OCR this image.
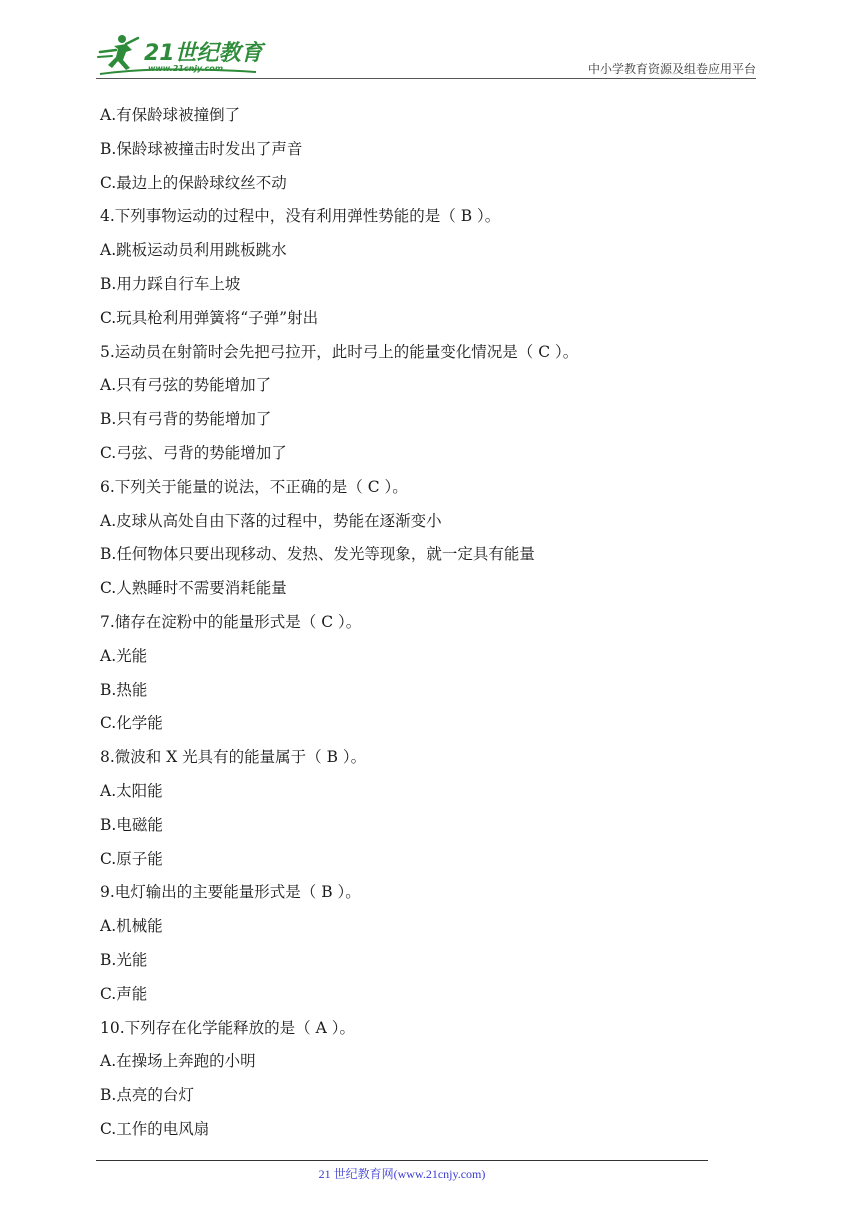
21世纪教育
www.21cnjy.com	中小学教育资源及组卷应用平台
A.有保龄球被撞倒了
B.保龄球被撞击时发出了声音
C.最边上的保龄球纹丝不动
4.下列事物运动的过程中，没有利用弹性势能的是（ B ）。
A.跳板运动员利用跳板跳水
B.用力踩自行车上坡
C.玩具枪利用弹簧将“子弹”射出
5.运动员在射箭时会先把弓拉开，此时弓上的能量变化情况是（ C ）。
A.只有弓弦的势能增加了
B.只有弓背的势能增加了
C.弓弦、弓背的势能增加了
6.下列关于能量的说法，不正确的是（ C ）。
A.皮球从高处自由下落的过程中，势能在逐渐变小
B.任何物体只要出现移动、发热、发光等现象，就一定具有能量
C.人熟睡时不需要消耗能量
7.储存在淀粉中的能量形式是（ C ）。
A.光能
B.热能
C.化学能
8.微波和 X 光具有的能量属于（ B ）。
A.太阳能
B.电磁能
C.原子能
9.电灯输出的主要能量形式是（ B ）。
A.机械能
B.光能
C.声能
10.下列存在化学能释放的是（ A ）。
A.在操场上奔跑的小明
B.点亮的台灯
C.工作的电风扇
21 世纪教育网(www.21cnjy.com)
